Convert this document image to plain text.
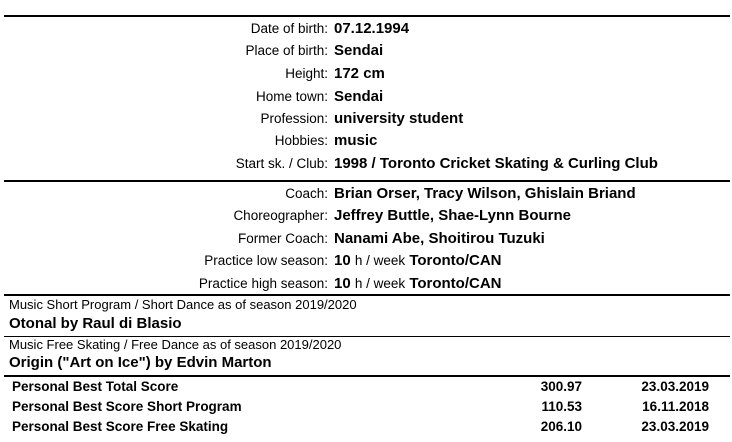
Date of birth: 07.12.1994
Place of birth: Sendai
Height: 172 cm
Home town: Sendai
Profession: university student
Hobbies: music
Start sk. / Club: 1998 / Toronto Cricket Skating & Curling Club
Coach: Brian Orser, Tracy Wilson, Ghislain Briand
Choreographer: Jeffrey Buttle, Shae-Lynn Bourne
Former Coach: Nanami Abe, Shoitirou Tuzuki
Practice low season: 10 h / week Toronto/CAN
Practice high season: 10 h / week Toronto/CAN
Music Short Program / Short Dance as of season 2019/2020
Otonal by Raul di Blasio
Music Free Skating / Free Dance as of season 2019/2020
Origin ("Art on Ice") by Edvin Marton
Personal Best Total Score	300.97	23.03.2019
Personal Best Score Short Program	110.53	16.11.2018
Personal Best Score Free Skating	206.10	23.03.2019
